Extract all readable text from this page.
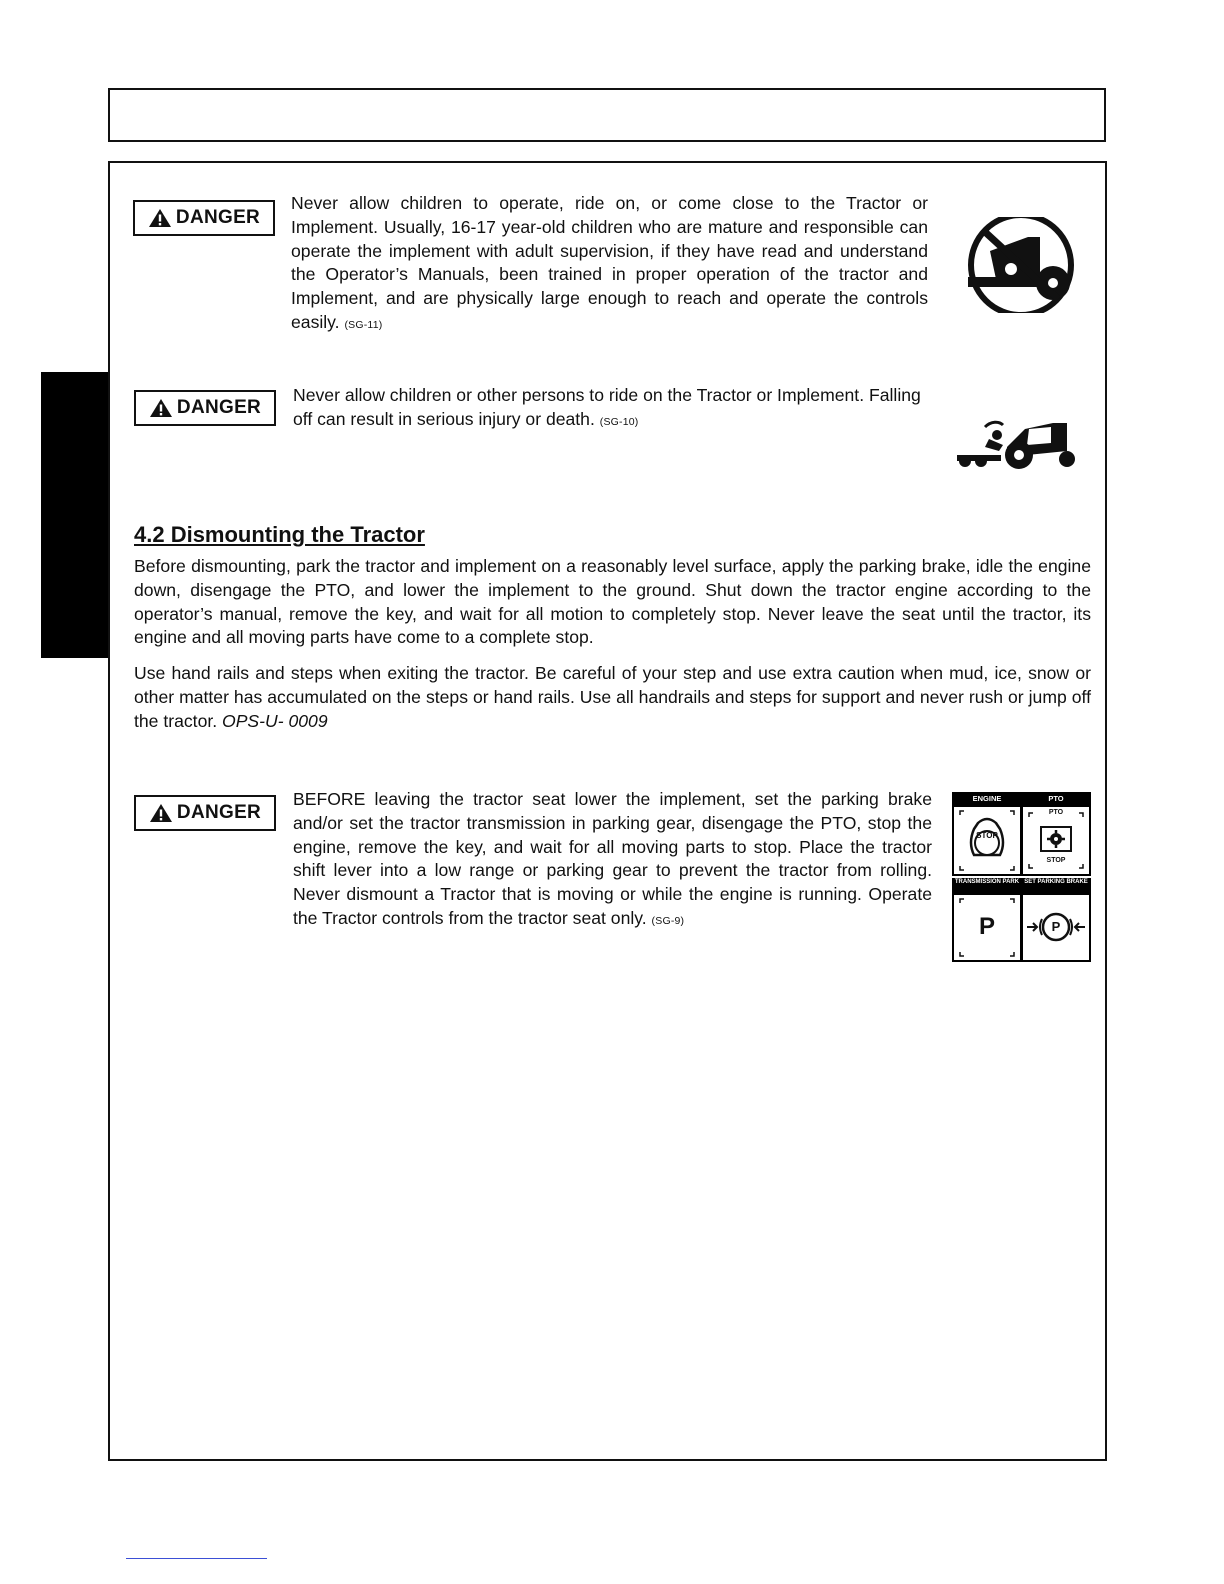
DANGER

Never allow children to operate, ride on, or come close to the Tractor or Implement. Usually, 16-17 year-old children who are mature and responsible can operate the implement with adult supervision, if they have read and understand the Operator’s Manuals, been trained in proper operation of the tractor and Implement, and are physically large enough to reach and operate the controls easily. (SG-11)

DANGER

Never allow children or other persons to ride on the Tractor or Implement. Falling off can result in serious injury or death. (SG-10)

4.2 Dismounting the Tractor

Before dismounting, park the tractor and implement on a reasonably level surface, apply the parking brake, idle the engine down, disengage the PTO, and lower the implement to the ground. Shut down the tractor engine according to the operator’s manual, remove the key, and wait for all motion to completely stop. Never leave the seat until the tractor, its engine and all moving parts have come to a complete stop.

Use hand rails and steps when exiting the tractor. Be careful of your step and use extra caution when mud, ice, snow or other matter has accumulated on the steps or hand rails. Use all handrails and steps for support and never rush or jump off the tractor. OPS-U- 0009

DANGER

BEFORE leaving the tractor seat lower the implement, set the parking brake and/or set the tractor transmission in parking gear, disengage the PTO, stop the engine, remove the key, and wait for all moving parts to stop. Place the tractor shift lever into a low range or parking gear to prevent the tractor from rolling. Never dismount a Tractor that is moving or while the engine is running. Operate the Tractor controls from the tractor seat only. (SG-9)

ENGINE
STOP
PTO
PTO
STOP
TRANSMISSION PARK
P
SET PARKING BRAKE
P
